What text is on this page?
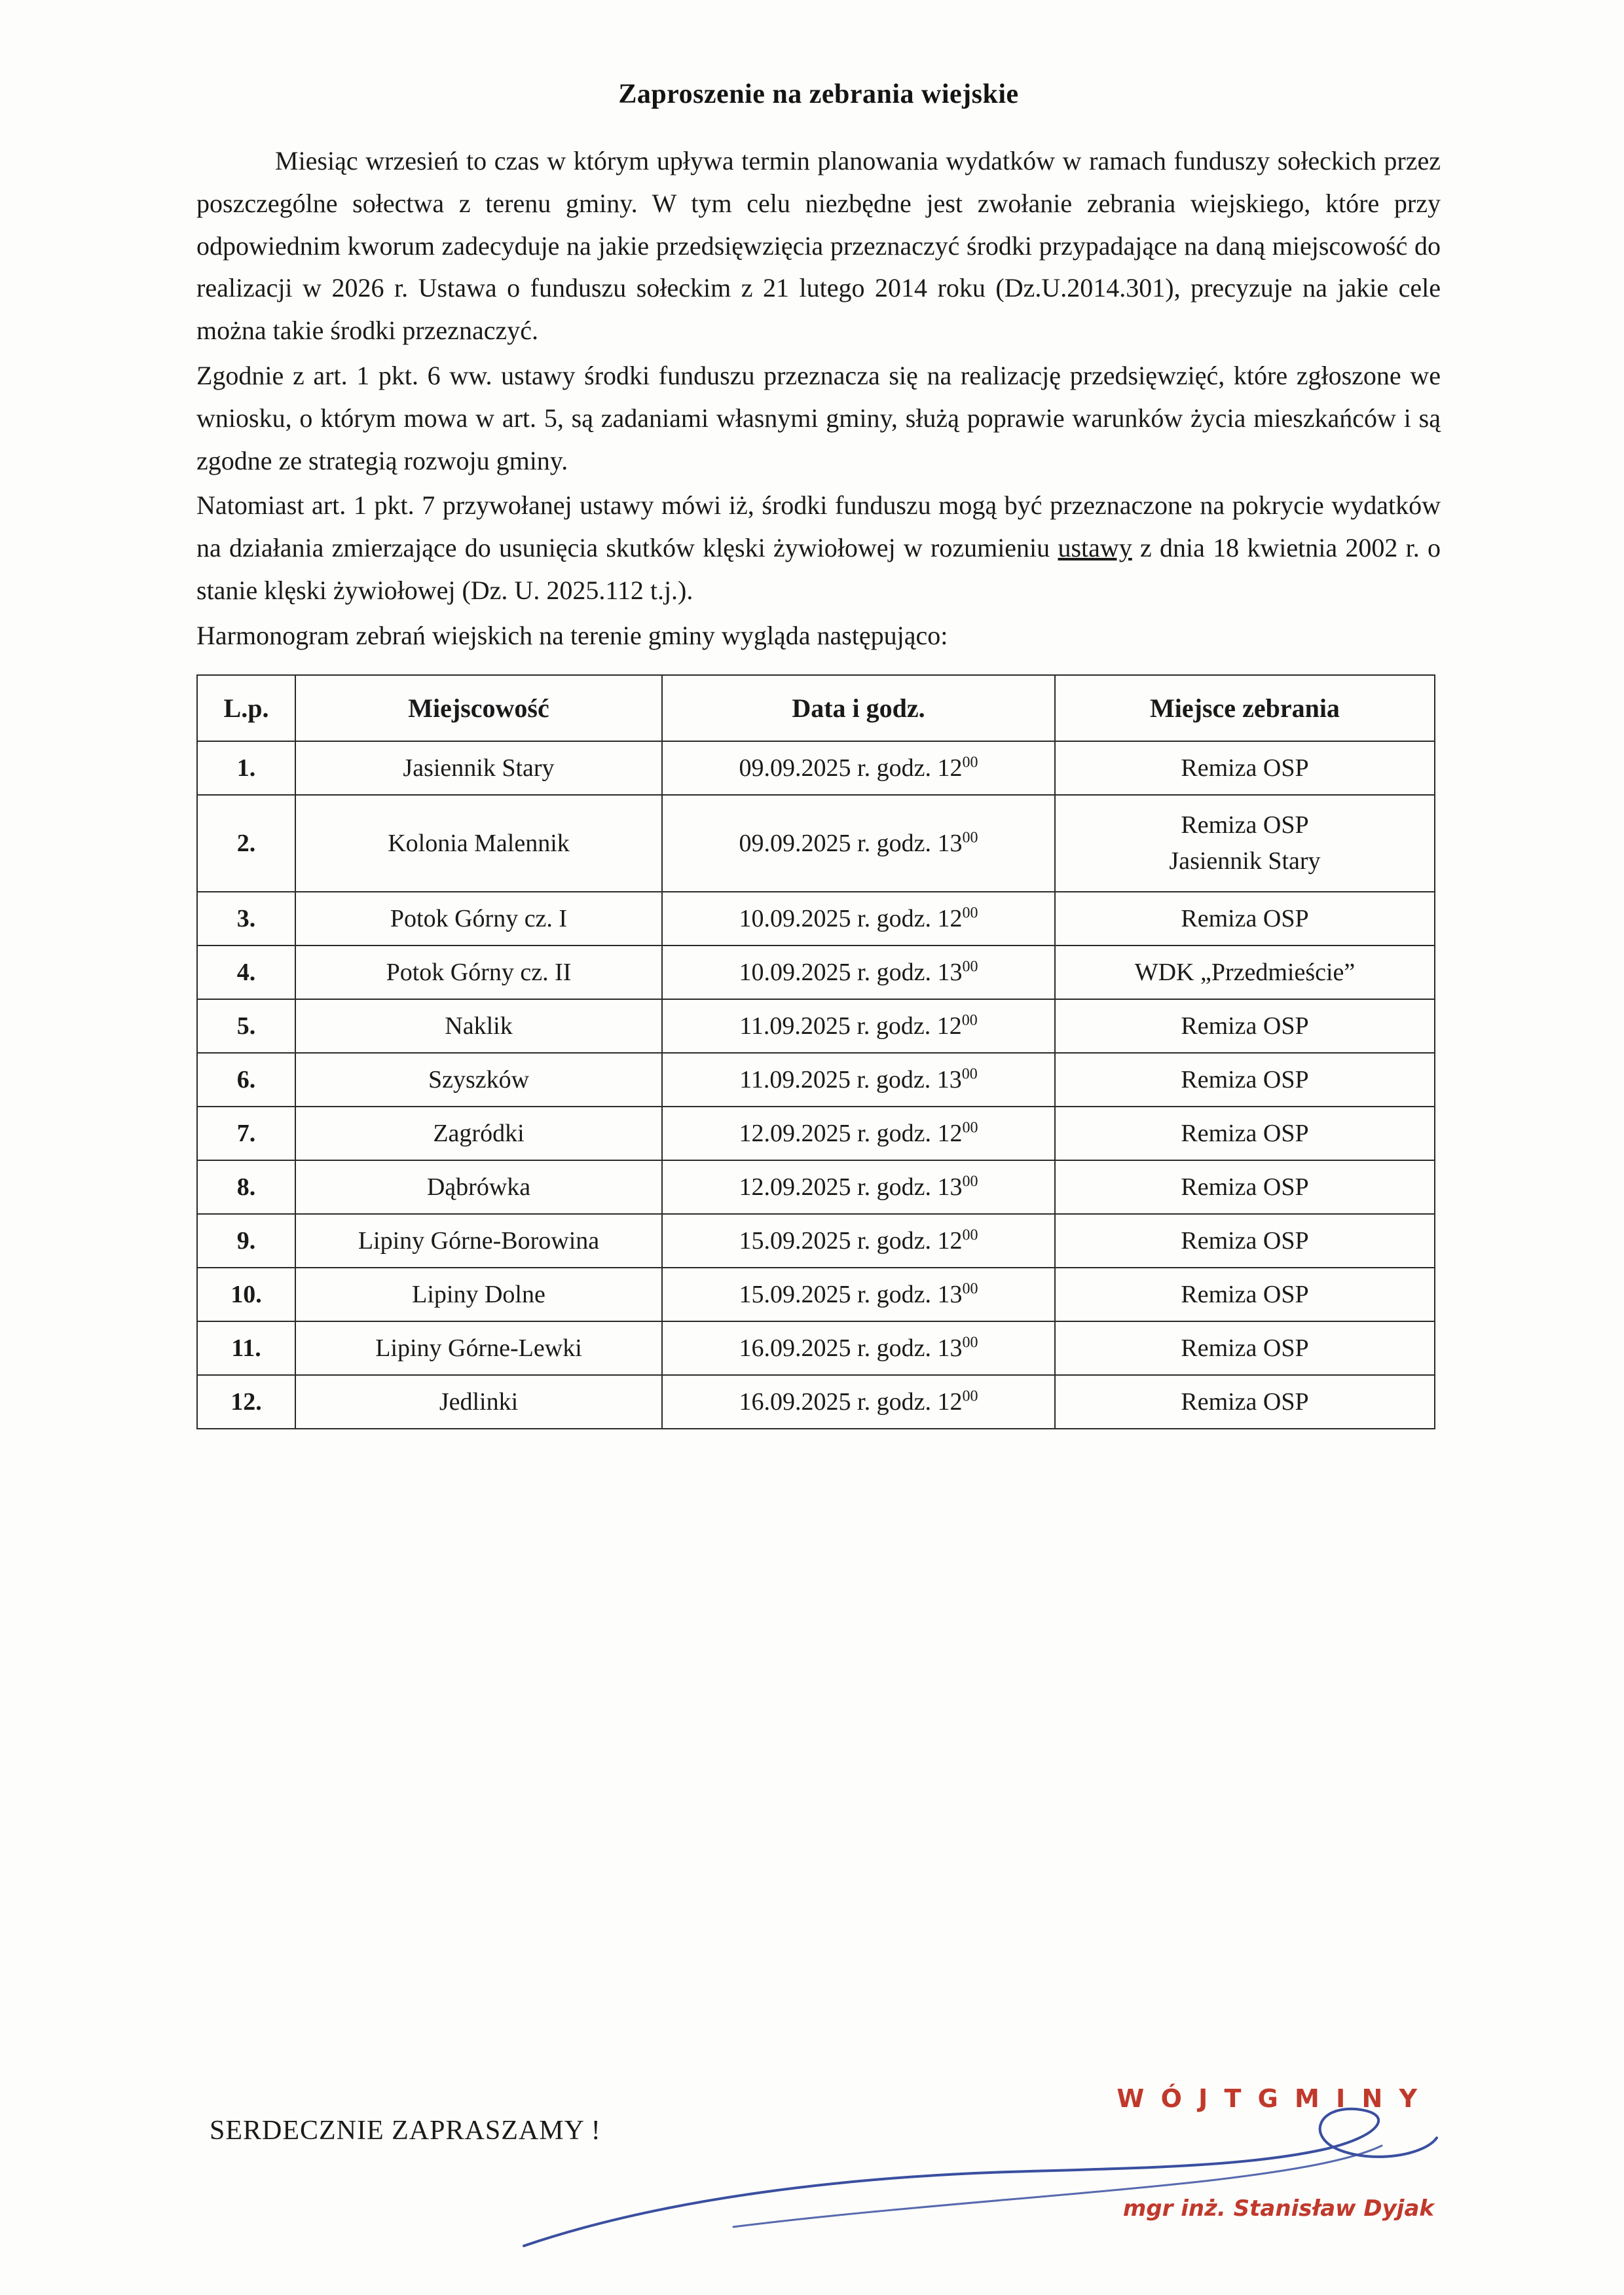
Zaproszenie na zebrania wiejskie

Miesiąc wrzesień to czas w którym upływa termin planowania wydatków w ramach funduszy sołeckich przez poszczególne sołectwa z terenu gminy. W tym celu niezbędne jest zwołanie zebrania wiejskiego, które przy odpowiednim kworum zadecyduje na jakie przedsięwzięcia przeznaczyć środki przypadające na daną miejscowość do realizacji w 2026 r. Ustawa o funduszu sołeckim z 21 lutego 2014 roku (Dz.U.2014.301), precyzuje na jakie cele można takie środki przeznaczyć.

Zgodnie z art. 1 pkt. 6 ww. ustawy środki funduszu przeznacza się na realizację przedsięwzięć, które zgłoszone we wniosku, o którym mowa w art. 5, są zadaniami własnymi gminy, służą poprawie warunków życia mieszkańców i są zgodne ze strategią rozwoju gminy.

Natomiast art. 1 pkt. 7 przywołanej ustawy mówi iż, środki funduszu mogą być przeznaczone na pokrycie wydatków na działania zmierzające do usunięcia skutków klęski żywiołowej w rozumieniu ustawy z dnia 18 kwietnia 2002 r. o stanie klęski żywiołowej (Dz. U. 2025.112 t.j.).

Harmonogram zebrań wiejskich na terenie gminy wygląda następująco:

L.p.	Miejscowość	Data i godz.	Miejsce zebrania
1.	Jasiennik Stary	09.09.2025 r. godz. $12^{00}$	Remiza OSP
2.	Kolonia Malennik	09.09.2025 r. godz. $13^{00}$	Remiza OSP
Jasiennik Stary

3.	Potok Górny cz. I	10.09.2025 r. godz. $12^{00}$	Remiza OSP
4.	Potok Górny cz. II	10.09.2025 r. godz. $13^{00}$	WDK „Przedmieście”
5.	Naklik	11.09.2025 r. godz. $12^{00}$	Remiza OSP
6.	Szyszków	11.09.2025 r. godz. $13^{00}$	Remiza OSP
7.	Zagródki	12.09.2025 r. godz. $12^{00}$	Remiza OSP
8.	Dąbrówka	12.09.2025 r. godz. $13^{00}$	Remiza OSP
9.	Lipiny Górne-Borowina	15.09.2025 r. godz. $12^{00}$	Remiza OSP
10.	Lipiny Dolne	15.09.2025 r. godz. $13^{00}$	Remiza OSP
11.	Lipiny Górne-Lewki	16.09.2025 r. godz. $13^{00}$	Remiza OSP
12.	Jedlinki	16.09.2025 r. godz. $12^{00}$	Remiza OSP
SERDECZNIE ZAPRASZAMY !
W Ó J T G M I N Y
mgr inż. Stanisław Dyjak
